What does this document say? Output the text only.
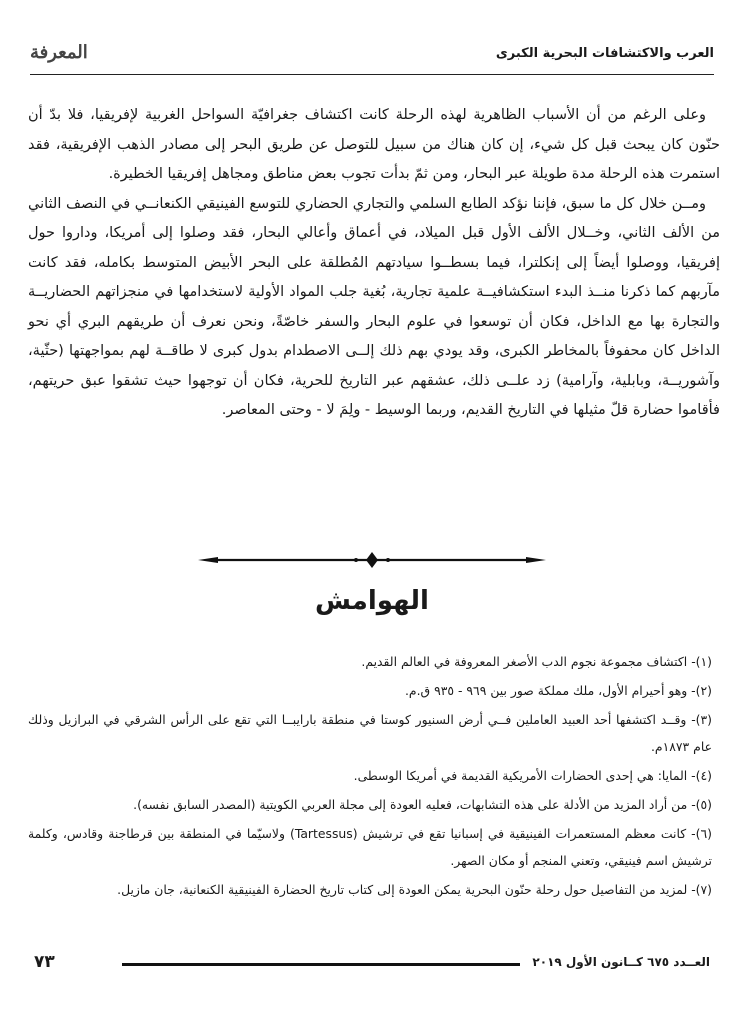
العرب والاكتشافات البحرية الكبرى
المعرفة

وعلى الرغم من أن الأسباب الظاهرية لهذه الرحلة كانت اكتشاف جغرافيّة السواحل الغربية لإفريقيا، فلا بدّ أن حنّون كان يبحث قبل كل شيء، إن كان هناك من سبيل للتوصل عن طريق البحر إلى مصادر الذهب الإفريقية، فقد استمرت هذه الرحلة مدة طويلة عبر البحار، ومن ثمّ بدأت تجوب بعض مناطق ومجاهل إفريقيا الخطيرة.

ومــن خلال كل ما سبق، فإننا نؤكد الطابع السلمي والتجاري الحضاري للتوسع الفينيقي الكنعانــي في النصف الثاني من الألف الثاني، وخــلال الألف الأول قبل الميلاد، في أعماق وأعالي البحار، فقد وصلوا إلى أمريكا، وداروا حول إفريقيا، ووصلوا أيضاً إلى إنكلترا، فيما بسطــوا سيادتهم المُطلقة على البحر الأبيض المتوسط بكامله، فقد كانت مآربهم كما ذكرنا منــذ البدء استكشافيــة علمية تجارية، بُغية جلب المواد الأولية لاستخدامها في منجزاتهم الحضاريــة والتجارة بها مع الداخل، فكان أن توسعوا في علوم البحار والسفر خاصّةً، ونحن نعرف أن طريقهم البري أي نحو الداخل كان محفوفاً بالمخاطر الكبرى، وقد يودي بهم ذلك إلــى الاصطدام بدول كبرى لا طاقــة لهم بمواجهتها (حثّية، وآشوريــة، وبابلية، وآرامية) زد علــى ذلك، عشقهم عبر التاريخ للحرية، فكان أن توجهوا حيث تشقوا عبق حريتهم، فأقاموا حضارة قلّ مثيلها في التاريخ القديم، وربما الوسيط - ولِمَ لا - وحتى المعاصر.

الهوامش
(١)- اكتشاف مجموعة نجوم الدب الأصغر المعروفة في العالم القديم.
(٢)- وهو أحيرام الأول، ملك مملكة صور بين ٩٦٩ - ٩٣٥ ق.م.
(٣)- وقــد اكتشفها أحد العبيد العاملين فــي أرض السنيور كوستا في منطقة بارايبــا التي تقع على الرأس الشرقي في البرازيل وذلك عام ١٨٧٣م.
(٤)- المايا: هي إحدى الحضارات الأمريكية القديمة في أمريكا الوسطى.
(٥)- من أراد المزيد من الأدلة على هذه التشابهات، فعليه العودة إلى مجلة العربي الكويتية (المصدر السابق نفسه).
(٦)- كانت معظم المستعمرات الفينيقية في إسبانيا تقع في ترشيش (Tartessus) ولاسيّما في المنطقة بين قرطاجنة وقادس، وكلمة ترشيش اسم فينيقي، وتعني المنجم أو مكان الصهر.
(٧)- لمزيد من التفاصيل حول رحلة حنّون البحرية يمكن العودة إلى كتاب تاريخ الحضارة الفينيقية الكنعانية، جان مازيل.
العــدد ٦٧٥ كــانون الأول ٢٠١٩
٧٣
